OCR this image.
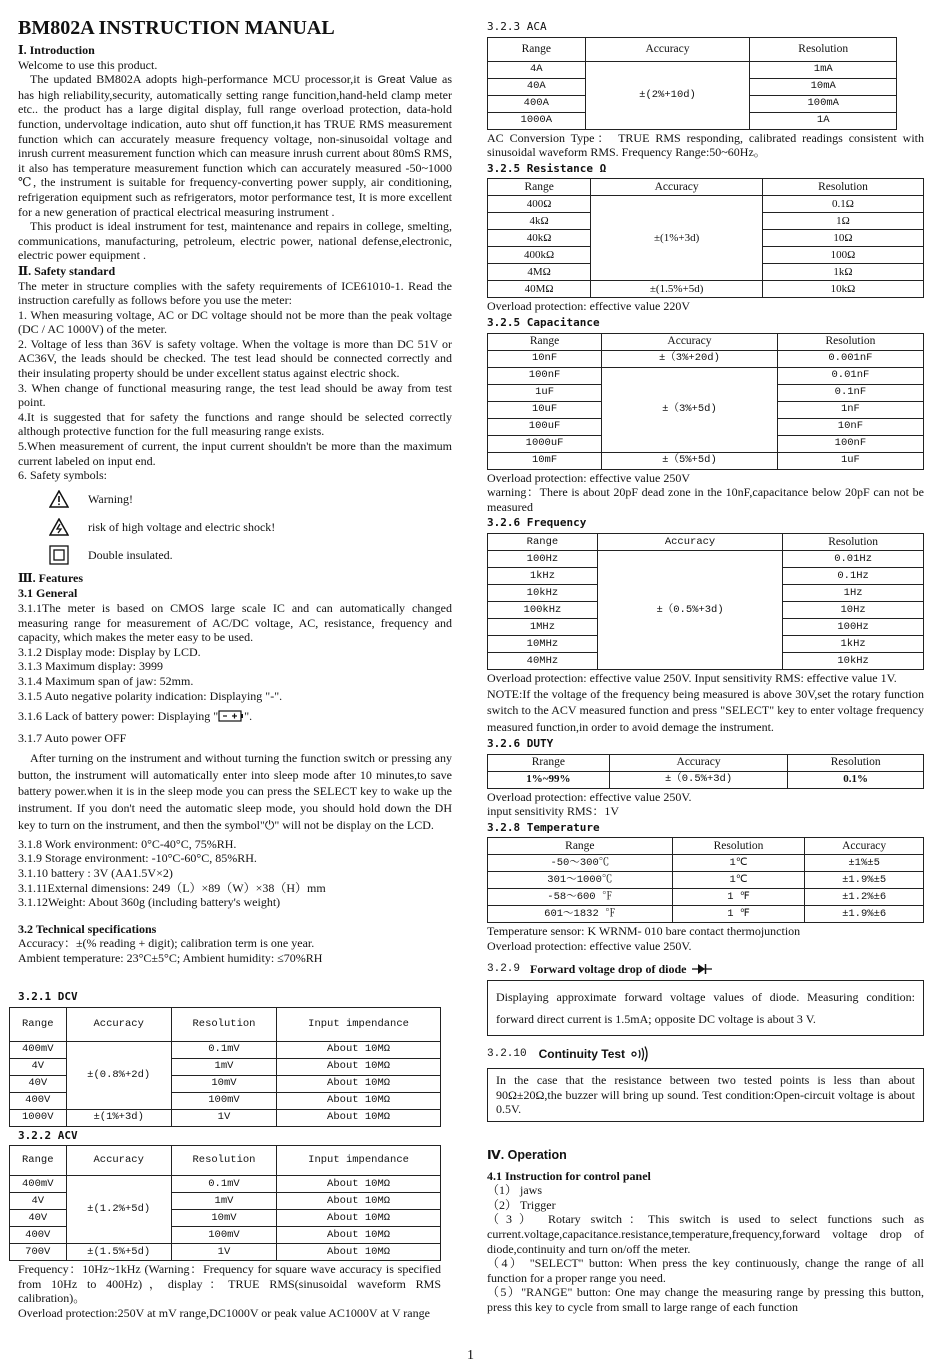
BM802A INSTRUCTION MANUAL
Ⅰ. Introduction

Welcome to use this product.

The updated BM802A adopts high-performance MCU processor,it is Great Value as has high reliability,security, automatically setting range funcition,hand-held clamp meter etc.. the product has a large digital display, full range overload protection, data-hold function, undervoltage indication, auto shut off function,it has TRUE RMS measurement function which can accurately measure frequency voltage, non-sinusoidal voltage and inrush current measurement function which can measure inrush current about 80mS RMS, it also has temperature measurement function which can accurately measured -50~1000 ℃, the instrument is suitable for frequency-converting power supply, air conditioning, refrigeration equipment such as refrigerators, motor performance test, It is more excellent for a new generation of practical electrical measuring instrument .

This product is ideal instrument for test, maintenance and repairs in college, smelting, communications, manufacturing, petroleum, electric power, national defense,electronic, electric power equipment .

Ⅱ. Safety standard

The meter in structure complies with the safety requirements of ICE61010-1. Read the instruction carefully as follows before you use the meter:

1. When measuring voltage, AC or DC voltage should not be more than the peak voltage (DC / AC 1000V) of the meter.

2. Voltage of less than 36V is safety voltage. When the voltage is more than DC 51V or AC36V, the leads should be checked. The test lead should be connected correctly and their insulating property should be under excellent status against electric shock.

3. When change of functional measuring range, the test lead should be away from test point.

4.It is suggested that for safety the functions and range should be selected correctly although protective function for the full measuring range exists.

5.When measurement of current, the input current shouldn't be more than the maximum current labeled on input end.

6. Safety symbols:

Warning!
risk of high voltage and electric shock!
Double insulated.
Ⅲ. Features
3.1 General

3.1.1The meter is based on CMOS large scale IC and can automatically changed measuring range for measurement of AC/DC voltage, AC, resistance, frequency and capacity, which makes the meter easy to be used.

3.1.2 Display mode: Display by LCD.

3.1.3 Maximum display: 3999

3.1.4 Maximum span of jaw: 52mm.

3.1.5 Auto negative polarity indication: Displaying "-".

3.1.6 Lack of battery power: Displaying " ".

3.1.7 Auto power OFF

After turning on the instrument and without turning the function switch or pressing any button, the instrument will automatically enter into sleep mode after 10 minutes,to save battery power.when it is in the sleep mode you can press the SELECT key to wake up the instrument. If you don't need the automatic sleep mode, you should hold down the DH key to turn on the instrument, and then the symbol"⏻" will not be display on the LCD.

3.1.8 Work environment: 0°C-40°C, 75%RH.

3.1.9 Storage environment: -10°C-60°C, 85%RH.

3.1.10 battery : 3V (AA1.5V×2)

3.1.11External dimensions: 249（L）×89（W）×38（H）mm

3.1.12Weight: About 360g (including battery's weight)

3.2 Technical specifications

Accuracy：±(% reading + digit); calibration term is one year.

Ambient temperature: 23°C±5°C; Ambient humidity: ≤70%RH

3.2.1 DCV
Range	Accuracy	Resolution	Input impendance
400mV	±(0.8%+2d)	0.1mV	About 10MΩ
4V		1mV	About 10MΩ
40V		10mV	About 10MΩ
400V		100mV	About 10MΩ
1000V	±(1%+3d)	1V	About 10MΩ
3.2.2 ACV
Range	Accuracy	Resolution	Input impendance
400mV	±(1.2%+5d)	0.1mV	About 10MΩ
4V		1mV	About 10MΩ
40V		10mV	About 10MΩ
400V		100mV	About 10MΩ
700V	±(1.5%+5d)	1V	About 10MΩ

Frequency：10Hz~1kHz (Warning：Frequency for square wave accuracy is specified from 10Hz to 400Hz)，display：TRUE RMS(sinusoidal waveform RMS calibration)。

Overload protection:250V at mV range,DC1000V or peak value AC1000V at V range

3.2.3 ACA
Range	Accuracy	Resolution
4A	±(2%+10d)	1mA
40A		10mA
400A		100mA
1000A		1A

AC Conversion Type： TRUE RMS responding, calibrated readings consistent with sinusoidal waveform RMS. Frequency Range:50~60Hz。

3.2.5 Resistance Ω
Range	Accuracy	Resolution
400Ω	±(1%+3d)	0.1Ω
4kΩ		1Ω
40kΩ		10Ω
400kΩ		100Ω
4MΩ		1kΩ
40MΩ	±(1.5%+5d)	10kΩ

Overload protection: effective value 220V

3.2.5 Capacitance
Range	Accuracy	Resolution
10nF	±（3%+20d)	0.001nF
100nF	±（3%+5d)	0.01nF
1uF		0.1nF
10uF		1nF
100uF		10nF
1000uF		100nF
10mF	±（5%+5d)	1uF

Overload protection: effective value 250V

warning：There is about 20pF dead zone in the 10nF,capacitance below 20pF can not be measured

3.2.6 Frequency
Range	Accuracy	Resolution
100Hz	±（0.5%+3d)	0.01Hz
1kHz		0.1Hz
10kHz		1Hz
100kHz		10Hz
1MHz		100Hz
10MHz		1kHz
40MHz		10kHz

Overload protection: effective value 250V. Input sensitivity RMS: effective value 1V.

NOTE:If the voltage of the frequency being measured is above 30V,set the rotary function switch to the ACV measured function and press "SELECT" key to enter voltage frequency measured function,in order to avoid demage the instrument.

3.2.6 DUTY
Rrange	Accuracy	Resolution
1%~99%	±（0.5%+3d)	0.1%

Overload protection: effective value 250V.

input sensitivity RMS：1V

3.2.8 Temperature
Range	Resolution	Accuracy
-50～300℃	1℃	±1%±5
301～1000℃	1℃	±1.9%±5
-58～600 ℉	1 ℉	±1.2%±6
601～1832 ℉	1 ℉	±1.9%±6

Temperature sensor: K WRNM- 010 bare contact thermojunction

Overload protection: effective value 250V.

3.2.9 Forward voltage drop of diode
Displaying approximate forward voltage values of diode. Measuring condition: forward direct current is 1.5mA; opposite DC voltage is about 3 V.
3.2.10 Continuity Test
In the case that the resistance between two tested points is less than about 90Ω±20Ω,the buzzer will bring up sound. Test condition:Open-circuit voltage is about 0.5V.
Ⅳ. Operation
4.1 Instruction for control panel

（1） jaws

（2） Trigger

（3） Rotary switch：This switch is used to select functions such as current.voltage,capacitance.resistance,temperature,frequency,forward voltage drop of diode,continuity and turn on/off the meter.

（4） "SELECT" button: When press the key continuously, change the range of all function for a proper range you need.

（5）"RANGE" button: One may change the measuring range by pressing this button, press this key to cycle from small to large range of each function

1
